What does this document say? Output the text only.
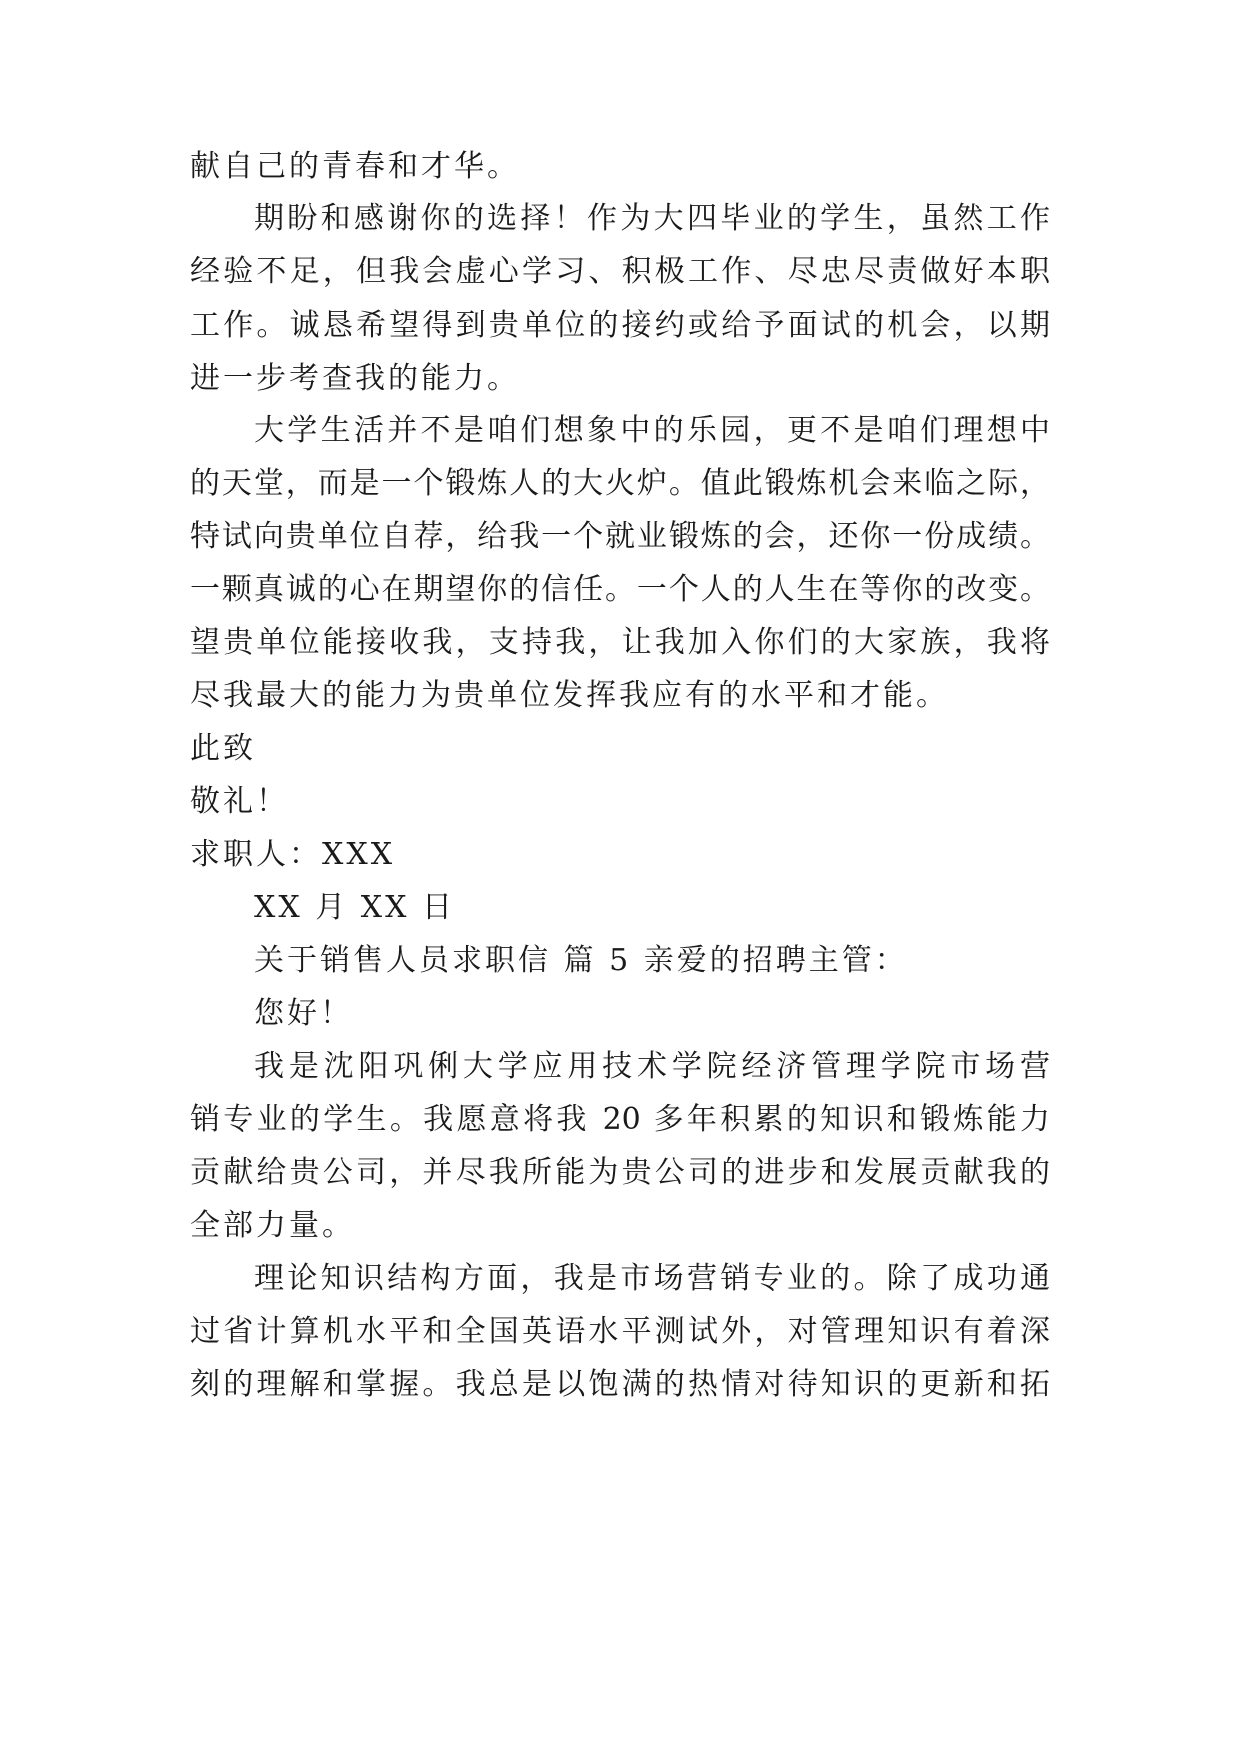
献自己的青春和才华。
期盼和感谢你的选择！作为大四毕业的学生，虽然工作
经验不足，但我会虚心学习、积极工作、尽忠尽责做好本职
工作。诚恳希望得到贵单位的接约或给予面试的机会，以期
进一步考查我的能力。
大学生活并不是咱们想象中的乐园，更不是咱们理想中
的天堂，而是一个锻炼人的大火炉。值此锻炼机会来临之际，
特试向贵单位自荐，给我一个就业锻炼的会，还你一份成绩。
一颗真诚的心在期望你的信任。一个人的人生在等你的改变。
望贵单位能接收我，支持我，让我加入你们的大家族，我将
尽我最大的能力为贵单位发挥我应有的水平和才能。
此致
敬礼！
求职人：XXX
XX 月 XX 日
关于销售人员求职信 篇 5 亲爱的招聘主管：
您好！
我是沈阳巩俐大学应用技术学院经济管理学院市场营
销专业的学生。我愿意将我 20 多年积累的知识和锻炼能力
贡献给贵公司，并尽我所能为贵公司的进步和发展贡献我的
全部力量。
理论知识结构方面，我是市场营销专业的。除了成功通
过省计算机水平和全国英语水平测试外，对管理知识有着深
刻的理解和掌握。我总是以饱满的热情对待知识的更新和拓
